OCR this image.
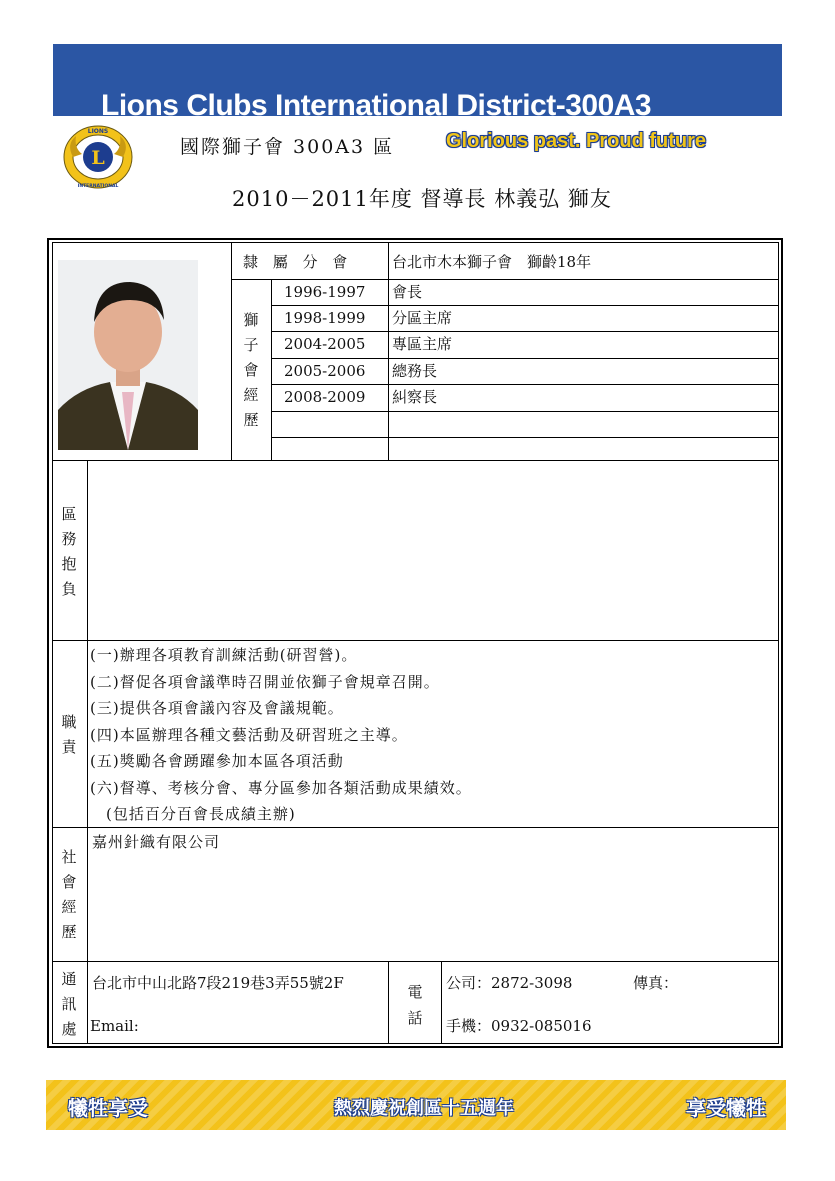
Lions Clubs International District-300A3
L
LIONS
INTERNATIONAL
國際獅子會 300A3 區	Glorious past. Proud future
2010－2011年度 督導長 林義弘 獅友
隸 屬 分 會	台北市木本獅子會　獅齡18年
獅
子
會
經
歷
1996-1997 會長
1998-1999 分區主席
2004-2005 專區主席
2005-2006 總務長
2008-2009 糾察長
區
務
抱
負
職
責
(一)辦理各項教育訓練活動(研習營)。
(二)督促各項會議準時召開並依獅子會規章召開。
(三)提供各項會議內容及會議規範。
(四)本區辦理各種文藝活動及研習班之主導。
(五)獎勵各會踴躍參加本區各項活動
(六)督導、考核分會、專分區參加各類活動成果績效。
　(包括百分百會長成績主辦)
社
會
經
歷
嘉州針織有限公司
通
訊
處
台北市中山北路7段219巷3弄55號2F
Email:
電
話
公司：2872-3098	傳真：
手機：0932-085016
犧牲享受	熱烈慶祝創區十五週年	享受犧牲
